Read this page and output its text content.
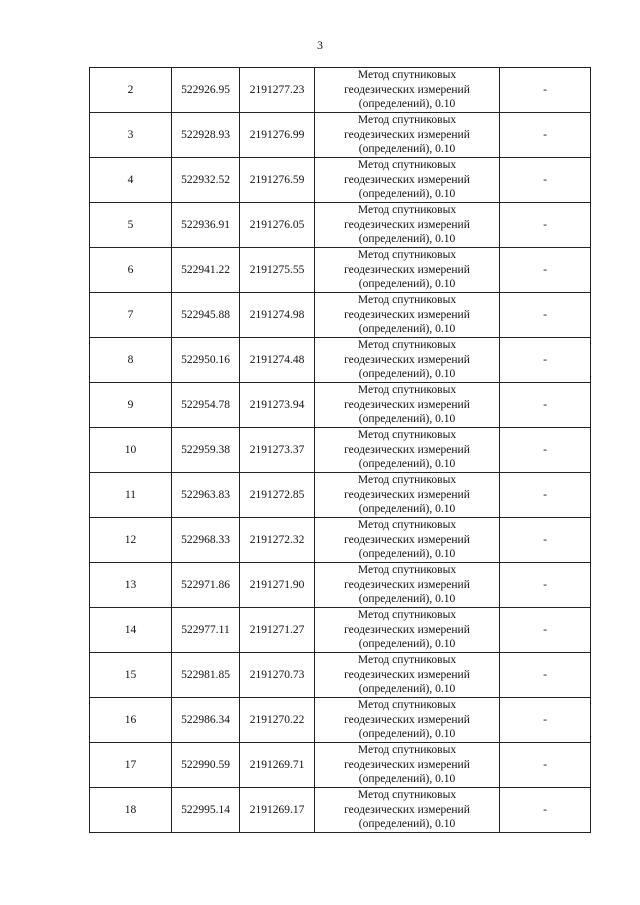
3
2	522926.95	2191277.23	Метод спутниковых
геодезических измерений
(определений), 0.10	-
3	522928.93	2191276.99	Метод спутниковых
геодезических измерений
(определений), 0.10	-
4	522932.52	2191276.59	Метод спутниковых
геодезических измерений
(определений), 0.10	-
5	522936.91	2191276.05	Метод спутниковых
геодезических измерений
(определений), 0.10	-
6	522941.22	2191275.55	Метод спутниковых
геодезических измерений
(определений), 0.10	-
7	522945.88	2191274.98	Метод спутниковых
геодезических измерений
(определений), 0.10	-
8	522950.16	2191274.48	Метод спутниковых
геодезических измерений
(определений), 0.10	-
9	522954.78	2191273.94	Метод спутниковых
геодезических измерений
(определений), 0.10	-
10	522959.38	2191273.37	Метод спутниковых
геодезических измерений
(определений), 0.10	-
11	522963.83	2191272.85	Метод спутниковых
геодезических измерений
(определений), 0.10	-
12	522968.33	2191272.32	Метод спутниковых
геодезических измерений
(определений), 0.10	-
13	522971.86	2191271.90	Метод спутниковых
геодезических измерений
(определений), 0.10	-
14	522977.11	2191271.27	Метод спутниковых
геодезических измерений
(определений), 0.10	-
15	522981.85	2191270.73	Метод спутниковых
геодезических измерений
(определений), 0.10	-
16	522986.34	2191270.22	Метод спутниковых
геодезических измерений
(определений), 0.10	-
17	522990.59	2191269.71	Метод спутниковых
геодезических измерений
(определений), 0.10	-
18	522995.14	2191269.17	Метод спутниковых
геодезических измерений
(определений), 0.10	-
